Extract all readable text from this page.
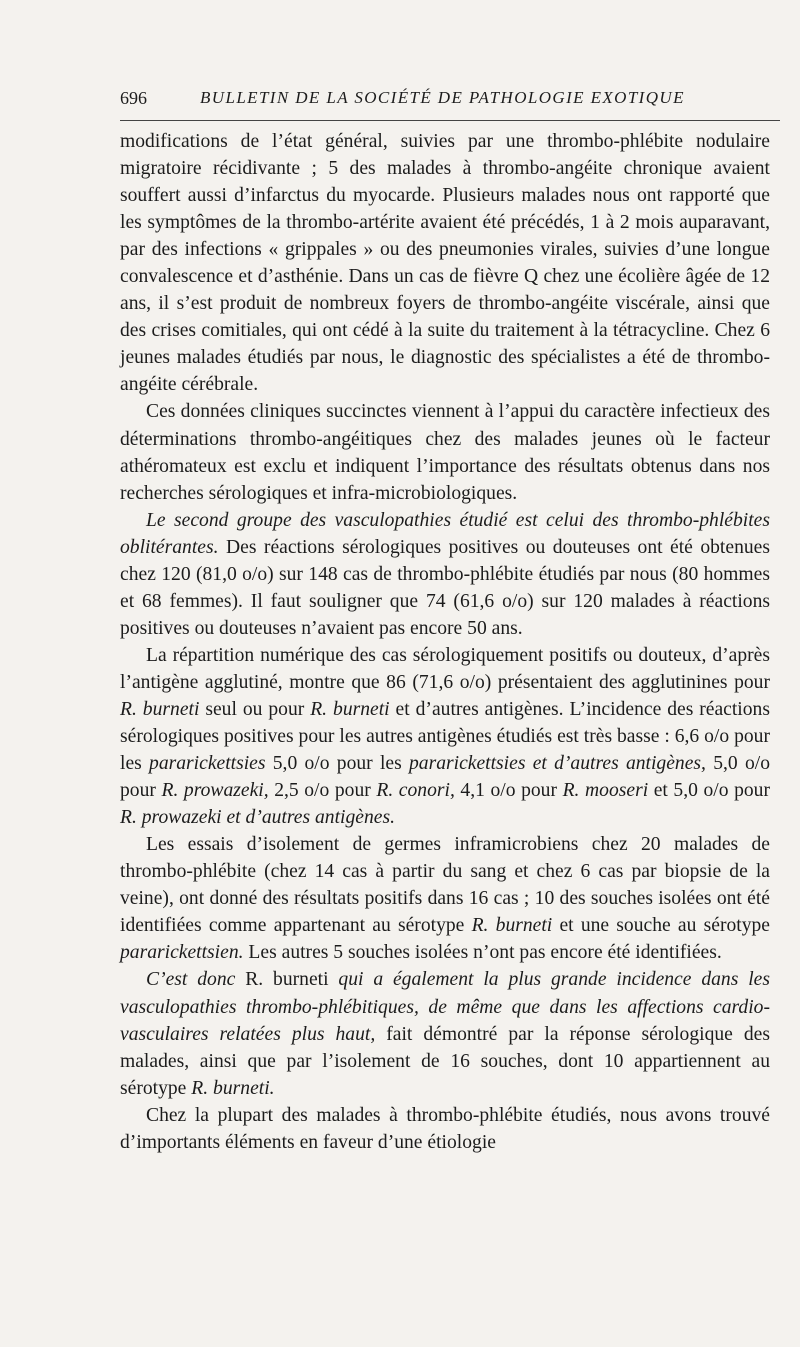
696	BULLETIN DE LA SOCIÉTÉ DE PATHOLOGIE EXOTIQUE

modifications de l’état général, suivies par une thrombo-phlébite nodulaire migratoire récidivante ; 5 des malades à thrombo-angéite chronique avaient souffert aussi d’infarctus du myocarde. Plusieurs malades nous ont rapporté que les symptômes de la thrombo-artérite avaient été précédés, 1 à 2 mois auparavant, par des infections « grippales » ou des pneumonies virales, suivies d’une longue convalescence et d’asthénie. Dans un cas de fièvre Q chez une écolière âgée de 12 ans, il s’est produit de nombreux foyers de thrombo-angéite viscérale, ainsi que des crises comitiales, qui ont cédé à la suite du traitement à la tétracycline. Chez 6 jeunes malades étudiés par nous, le diagnostic des spécialistes a été de thrombo-angéite cérébrale.

Ces données cliniques succinctes viennent à l’appui du caractère infectieux des déterminations thrombo-angéitiques chez des malades jeunes où le facteur athéromateux est exclu et indiquent l’importance des résultats obtenus dans nos recherches sérologiques et infra-microbiologiques.

Le second groupe des vasculopathies étudié est celui des thrombo-phlébites oblitérantes. Des réactions sérologiques positives ou douteuses ont été obtenues chez 120 (81,0 o/o) sur 148 cas de thrombo-phlébite étudiés par nous (80 hommes et 68 femmes). Il faut souligner que 74 (61,6 o/o) sur 120 malades à réactions positives ou douteuses n’avaient pas encore 50 ans.

La répartition numérique des cas sérologiquement positifs ou douteux, d’après l’antigène agglutiné, montre que 86 (71,6 o/o) présentaient des agglutinines pour R. burneti seul ou pour R. burneti et d’autres antigènes. L’incidence des réactions sérologiques positives pour les autres antigènes étudiés est très basse : 6,6 o/o pour les pararickettsies 5,0 o/o pour les pararickettsies et d’autres antigènes, 5,0 o/o pour R. prowazeki, 2,5 o/o pour R. conori, 4,1 o/o pour R. mooseri et 5,0 o/o pour R. prowazeki et d’autres antigènes.

Les essais d’isolement de germes inframicrobiens chez 20 malades de thrombo-phlébite (chez 14 cas à partir du sang et chez 6 cas par biopsie de la veine), ont donné des résultats positifs dans 16 cas ; 10 des souches isolées ont été identifiées comme appartenant au sérotype R. burneti et une souche au sérotype pararickettsien. Les autres 5 souches isolées n’ont pas encore été identifiées.

C’est donc R. burneti qui a également la plus grande incidence dans les vasculopathies thrombo-phlébitiques, de même que dans les affections cardio-vasculaires relatées plus haut, fait démontré par la réponse sérologique des malades, ainsi que par l’isolement de 16 souches, dont 10 appartiennent au sérotype R. burneti.

Chez la plupart des malades à thrombo-phlébite étudiés, nous avons trouvé d’importants éléments en faveur d’une étiologie
